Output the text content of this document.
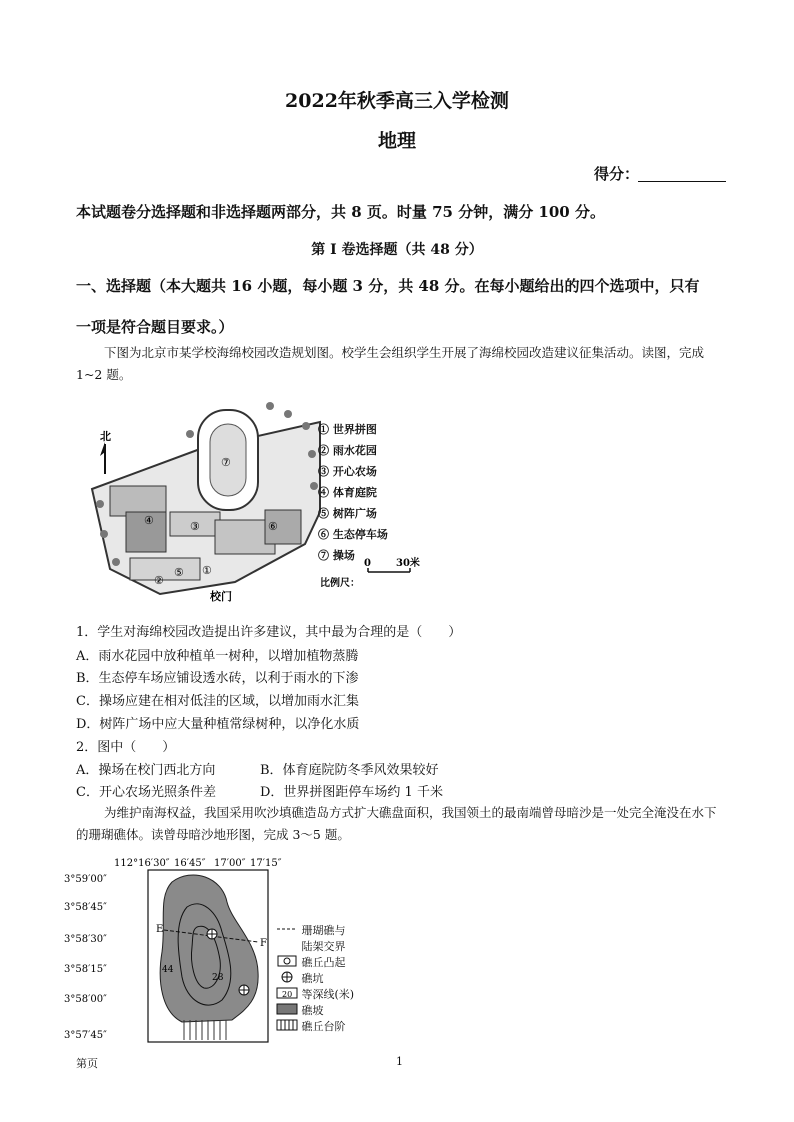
2022年秋季高三入学检测
地理
得分：
本试题卷分选择题和非选择题两部分，共 8 页。时量 75 分钟，满分 100 分。
第 I 卷选择题（共 48 分）
一、选择题（本大题共 16 小题，每小题 3 分，共 48 分。在每小题给出的四个选项中，只有
一项是符合题目要求。）
下图为北京市某学校海绵校园改造规划图。校学生会组织学生开展了海绵校园改造建议征集活动。读图，完成 1~2 题。
北
⑦
④	③	⑥
⑤ ①
②
校门
比例尺：
0	30米
① 世界拼图
② 雨水花园
③ 开心农场
④ 体育庭院
⑤ 树阵广场
⑥ 生态停车场
⑦ 操场
1．学生对海绵校园改造提出许多建议，其中最为合理的是（　　）
A．雨水花园中放种植单一树种，以增加植物蒸腾
B．生态停车场应铺设透水砖，以利于雨水的下渗
C．操场应建在相对低洼的区域，以增加雨水汇集
D．树阵广场中应大量种植常绿树种，以净化水质
2．图中（　　）
A．操场在校门西北方向	B．体育庭院防冬季风效果较好
C．开心农场光照条件差	D．世界拼图距停车场约 1 千米
为维护南海权益，我国采用吹沙填礁造岛方式扩大礁盘面积，我国领土的最南端曾母暗沙是一处完全淹没在水下的珊瑚礁体。读曾母暗沙地形图，完成 3～5 题。
112°16′30″ 16′45″ 17′00″ 17′15″
3°59′00″
3°58′45″
3°58′30″
3°58′15″
3°58′00″
3°57′45″
E
F
44
28

珊瑚礁与

陆架交界

礁丘凸起

礁坑
20
等深线(米)

礁坡

礁丘台阶
第页	1
